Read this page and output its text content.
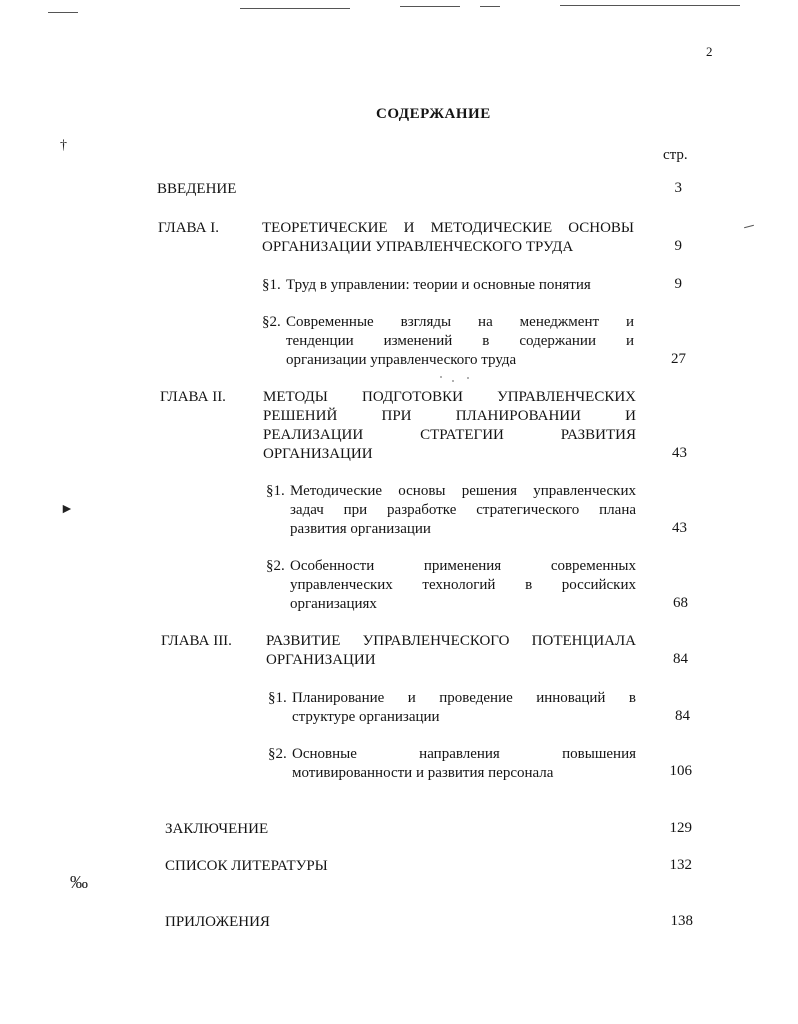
†
►
‰
2
СОДЕРЖАНИЕ
стр.
ВВЕДЕНИЕ	3
ГЛАВА I.	ТЕОРЕТИЧЕСКИЕ И МЕТОДИЧЕСКИЕ ОСНОВЫ
ОРГАНИЗАЦИИ УПРАВЛЕНЧЕСКОГО ТРУДА	9
§1. Труд в управлении: теории и основные понятия	9
§2. Современные взгляды на менеджмент и
тенденции изменений в содержании и
организации управленческого труда	27
ГЛАВА II. МЕТОДЫ ПОДГОТОВКИ УПРАВЛЕНЧЕСКИХ
РЕШЕНИЙ ПРИ ПЛАНИРОВАНИИ И
РЕАЛИЗАЦИИ СТРАТЕГИИ РАЗВИТИЯ
ОРГАНИЗАЦИИ	43
§1. Методические основы решения управленческих
задач при разработке стратегического плана
развития организации	43
§2. Особенности применения современных
управленческих технологий в российских
организациях	68
ГЛАВА III. РАЗВИТИЕ УПРАВЛЕНЧЕСКОГО ПОТЕНЦИАЛА
ОРГАНИЗАЦИИ	84
§1. Планирование и проведение инноваций в
структуре организации	84
§2. Основные направления повышения
мотивированности и развития персонала	106
ЗАКЛЮЧЕНИЕ	129
СПИСОК ЛИТЕРАТУРЫ	132
ПРИЛОЖЕНИЯ	138
